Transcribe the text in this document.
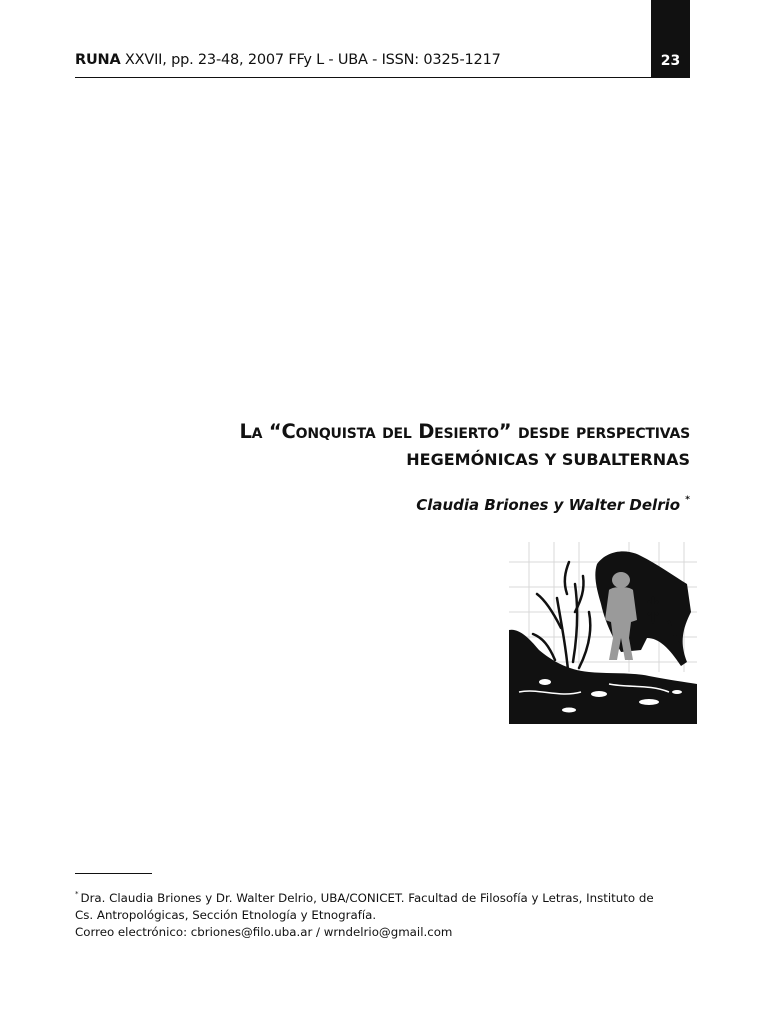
23
RUNA XXVII, pp. 23-48, 2007 FFy L - UBA - ISSN: 0325-1217
La “Conquista del Desierto” desde perspectivas
HEGEMÓNICAS Y SUBALTERNAS
Claudia Briones y Walter Delrio *

* Dra. Claudia Briones y Dr. Walter Delrio, UBA/CONICET. Facultad de Filosofía y Letras, Instituto de

Cs. Antropológicas, Sección Etnología y Etnografía.

Correo electrónico: cbriones@filo.uba.ar / wrndelrio@gmail.com
